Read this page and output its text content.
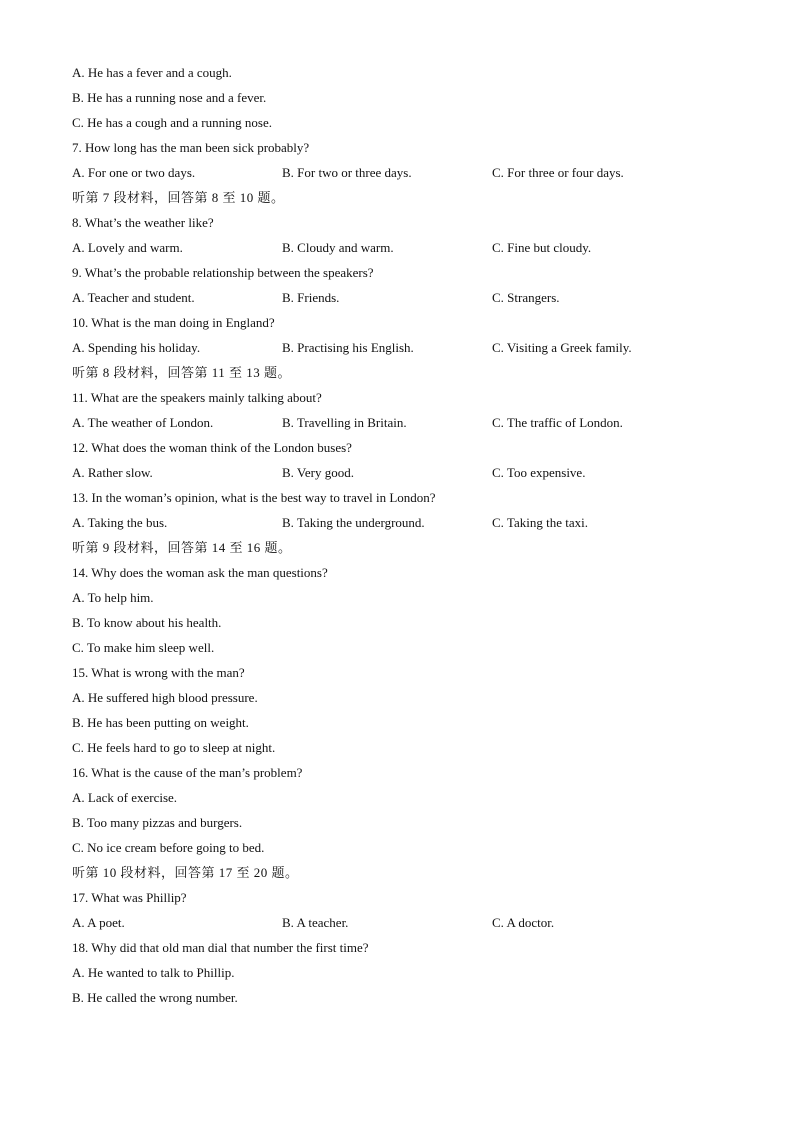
A. He has a fever and a cough.
B. He has a running nose and a fever.
C. He has a cough and a running nose.
7. How long has the man been sick probably?
A. For one or two days.	B. For two or three days.	C. For three or four days.
听第 7 段材料，回答第 8 至 10 题。
8. What’s the weather like?
A. Lovely and warm.	B. Cloudy and warm.	C. Fine but cloudy.
9. What’s the probable relationship between the speakers?
A. Teacher and student.	B. Friends.	C. Strangers.
10. What is the man doing in England?
A. Spending his holiday.	B. Practising his English.	C. Visiting a Greek family.
听第 8 段材料，回答第 11 至 13 题。
11. What are the speakers mainly talking about?
A. The weather of London.	B. Travelling in Britain.	C. The traffic of London.
12. What does the woman think of the London buses?
A. Rather slow.	B. Very good.	C. Too expensive.
13. In the woman’s opinion, what is the best way to travel in London?
A. Taking the bus.	B. Taking the underground.	C. Taking the taxi.
听第 9 段材料，回答第 14 至 16 题。
14. Why does the woman ask the man questions?
A. To help him.
B. To know about his health.
C. To make him sleep well.
15. What is wrong with the man?
A. He suffered high blood pressure.
B. He has been putting on weight.
C. He feels hard to go to sleep at night.
16. What is the cause of the man’s problem?
A. Lack of exercise.
B. Too many pizzas and burgers.
C. No ice cream before going to bed.
听第 10 段材料，回答第 17 至 20 题。
17. What was Phillip?
A. A poet.	B. A teacher.	C. A doctor.
18. Why did that old man dial that number the first time?
A. He wanted to talk to Phillip.
B. He called the wrong number.
